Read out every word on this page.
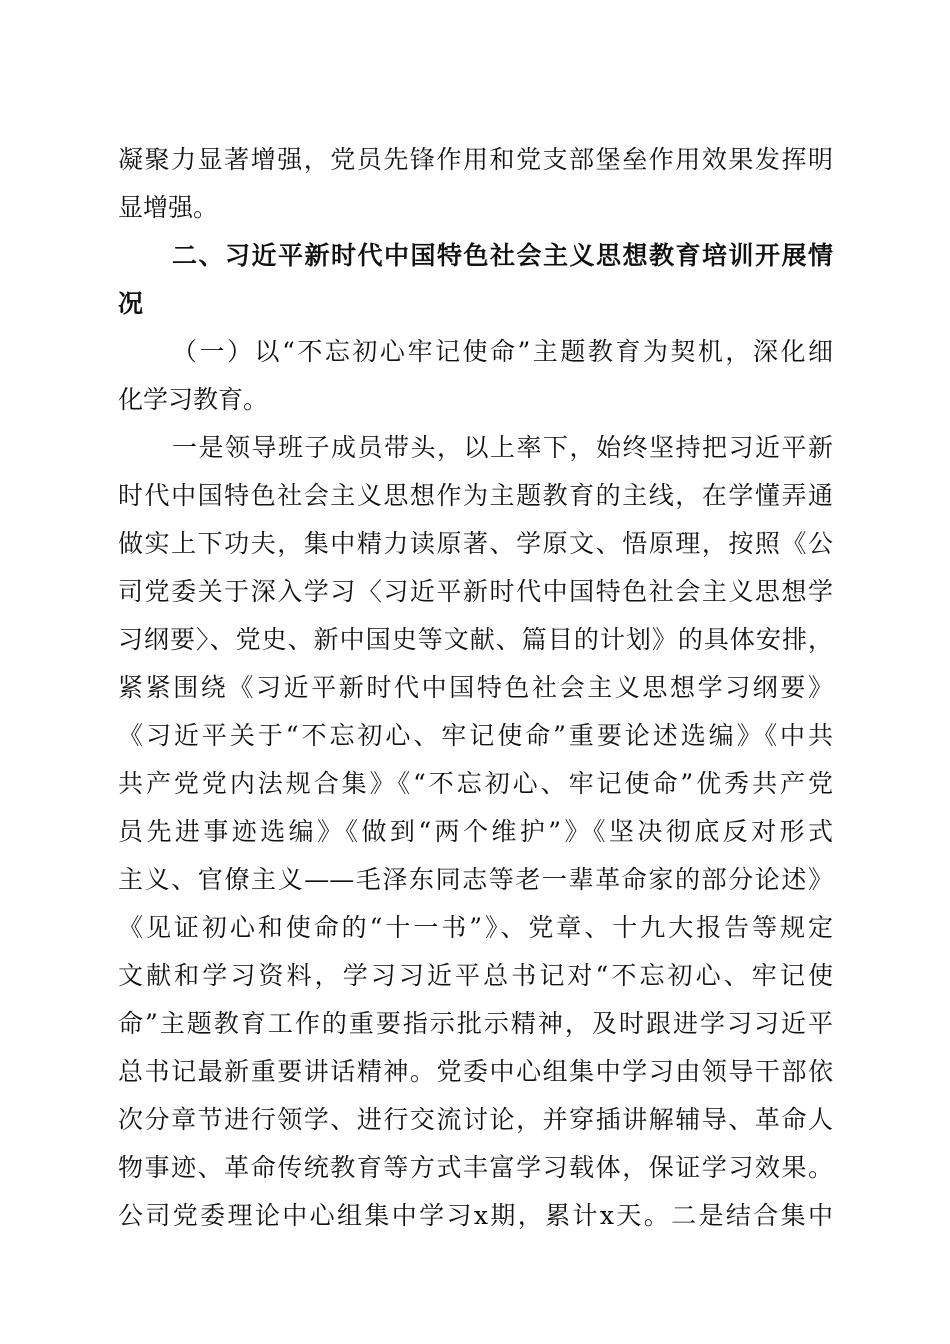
凝聚力显著增强，党员先锋作用和党支部堡垒作用效果发挥明
显增强。
二、习近平新时代中国特色社会主义思想教育培训开展情
况
（一）以“不忘初心牢记使命”主题教育为契机，深化细
化学习教育。
一是领导班子成员带头，以上率下，始终坚持把习近平新
时代中国特色社会主义思想作为主题教育的主线，在学懂弄通
做实上下功夫，集中精力读原著、学原文、悟原理，按照《公
司党委关于深入学习〈习近平新时代中国特色社会主义思想学
习纲要〉、党史、新中国史等文献、篇目的计划》的具体安排，
紧紧围绕《习近平新时代中国特色社会主义思想学习纲要》
《习近平关于“不忘初心、牢记使命”重要论述选编》《中共
共产党党内法规合集》《“不忘初心、牢记使命”优秀共产党
员先进事迹选编》《做到“两个维护”》《坚决彻底反对形式
主义、官僚主义——毛泽东同志等老一辈革命家的部分论述》
《见证初心和使命的“十一书”》、党章、十九大报告等规定
文献和学习资料，学习习近平总书记对“不忘初心、牢记使
命”主题教育工作的重要指示批示精神，及时跟进学习习近平
总书记最新重要讲话精神。党委中心组集中学习由领导干部依
次分章节进行领学、进行交流讨论，并穿插讲解辅导、革命人
物事迹、革命传统教育等方式丰富学习载体，保证学习效果。
公司党委理论中心组集中学习x期，累计x天。二是结合集中
